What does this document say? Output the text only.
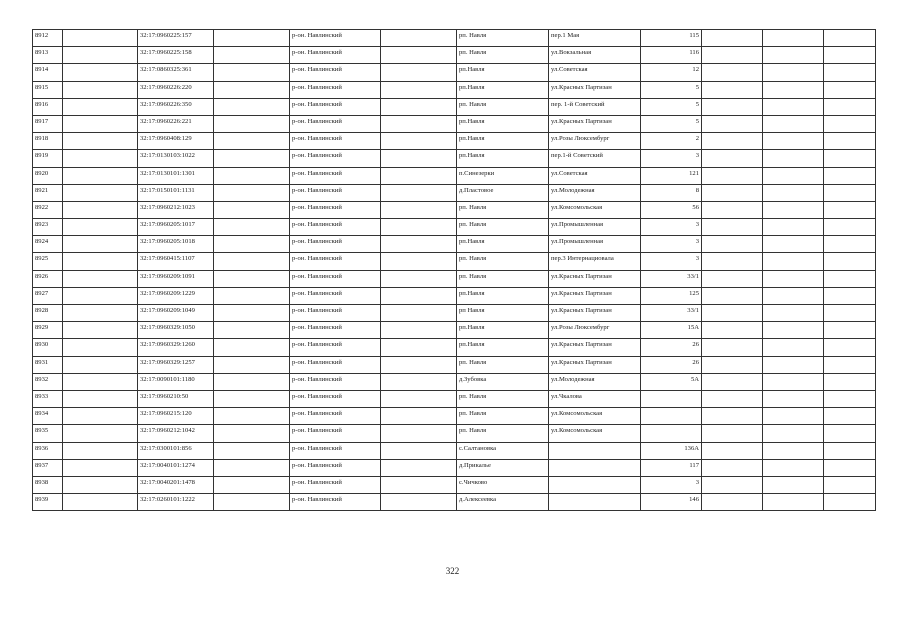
8912		32:17:0960225:157		р-он. Навлинский		рп. Навля	пер.1 Мая	115			
8913		32:17:0960225:158		р-он. Навлинский		рп. Навля	ул.Вокзальная	116			
8914		32:17:0860325:361		р-он. Навлинский		рп.Навля	ул.Советская	12			
8915		32:17:0960226:220		р-он. Навлинский		рп.Навля	ул.Красных Партизан	5			
8916		32:17:0960226:350		р-он. Навлинский		рп. Навля	пер. 1-й Советский	5			
8917		32:17:0960226:221		р-он. Навлинский		рп.Навля	ул.Красных Партизан	5			
8918		32:17:0960408:129		р-он. Навлинский		рп.Навля	ул.Розы Люксембург	2			
8919		32:17:0130103:1022		р-он. Навлинский		рп.Навля	пер.1-й Советский	3			
8920		32:17:0130101:1301		р-он. Навлинский		п.Синезерки	ул.Советская	121			
8921		32:17:0150101:1131		р-он. Навлинский		д.Пластовое	ул.Молодежная	8			
8922		32:17:0960212:1023		р-он. Навлинский		рп. Навля	ул.Комсомольская	56			
8923		32:17:0960205:1017		р-он. Навлинский		рп. Навля	ул.Промышленная	3			
8924		32:17:0960205:1018		р-он. Навлинский		рп.Навля	ул.Промышленная	3			
8925		32:17:0960415:1107		р-он. Навлинский		рп. Навля	пер.3 Интернациовала	3			
8926		32:17:0960209:1091		р-он. Навлинский		рп. Навля	ул.Красных Партизан	33/1			
8927		32:17:0960209:1229		р-он. Навлинский		рп.Навля	ул.Красных Партизан	125			
8928		32:17:0960209:1049		р-он. Навлинский		рп Навля	ул.Красных Партизан	33/1			
8929		32:17:0960329:1050		р-он. Навлинский		рп.Навля	ул.Розы Люксембург	15А			
8930		32:17:0960329:1260		р-он. Навлинский		рп.Навля	ул.Красных Партизан	26			
8931		32:17:0960329:1257		р-он. Навлинский		рп. Навля	ул.Красных Партизан	26			
8932		32:17:0090101:1180		р-он. Навлинский		д.Зубовка	ул.Молодежная	5А			
8933		32:17:0960210:50		р-он. Навлинский		рп. Навля	ул.Чкалова				
8934		32:17:0960215:120		р-он. Навлинский		рп. Навля	ул.Комсомольская				
8935		32:17:0960212:1042		р-он. Навлинский		рп. Навля	ул.Комсомольская				
8936		32:17:0300101:856		р-он. Навлинский		с.Салтановка		136А			
8937		32:17:0040101:1274		р-он. Навлинский		д.Прикалье		117			
8938		32:17:0040201:1478		р-он. Навлинский		с.Чичково		3			
8939		32:17:0260101:1222		р-он. Навлинский		д.Алексеевка		146			
322
